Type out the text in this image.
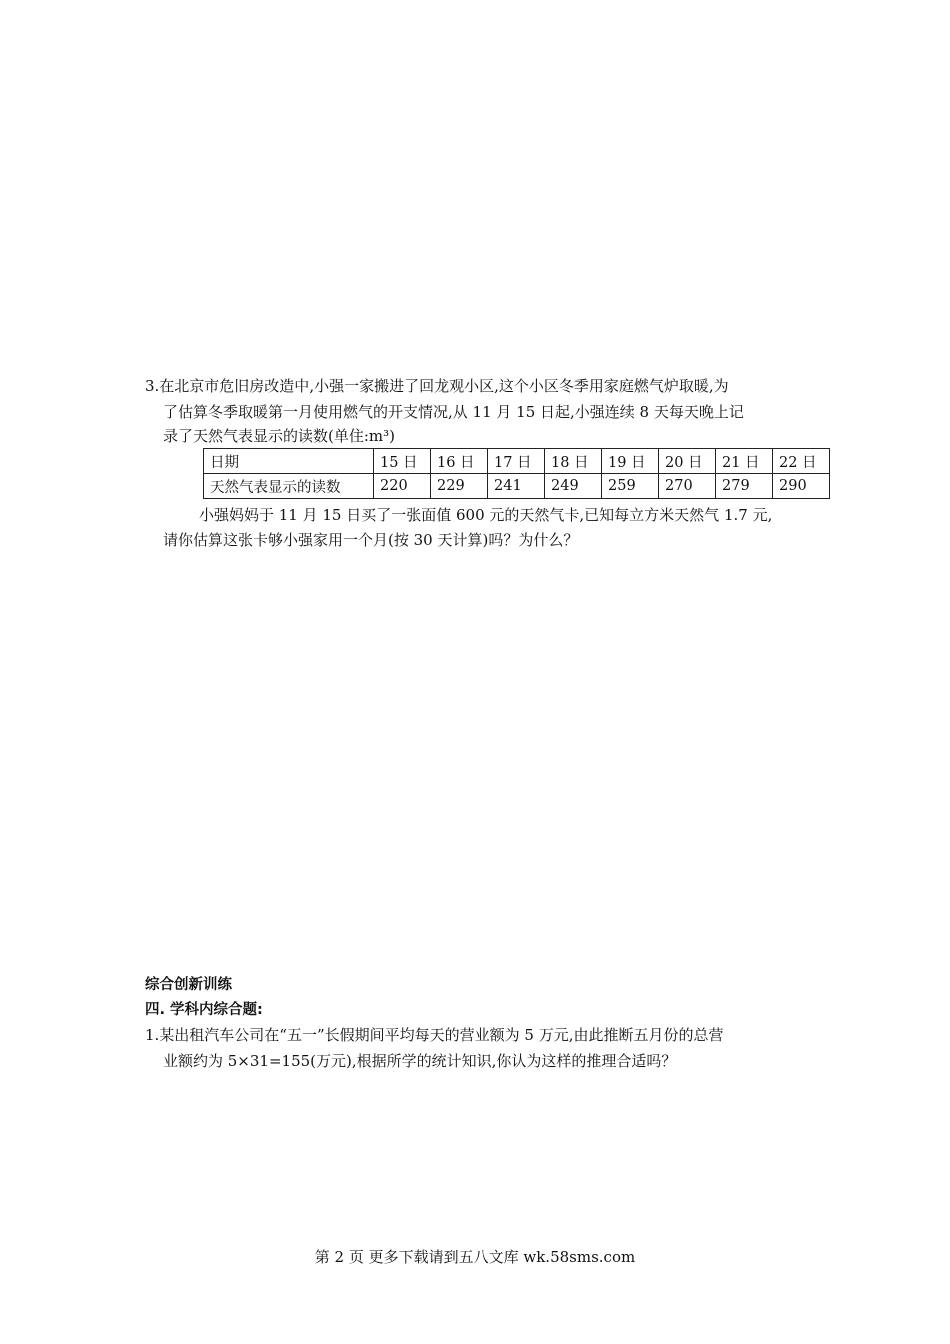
3.在北京市危旧房改造中,小强一家搬进了回龙观小区,这个小区冬季用家庭燃气炉取暖,为
了估算冬季取暖第一月使用燃气的开支情况,从 11 月 15 日起,小强连续 8 天每天晚上记
录了天然气表显示的读数(单住:m³)
日期	15 日	16 日	17 日	18 日	19 日	20 日	21 日	22 日
天然气表显示的读数	220	229	241	249	259	270	279	290
小强妈妈于 11 月 15 日买了一张面值 600 元的天然气卡,已知每立方米天然气 1.7 元,
请你估算这张卡够小强家用一个月(按 30 天计算)吗？为什么？
综合创新训练
四. 学科内综合题:
1.某出租汽车公司在“五一”长假期间平均每天的营业额为 5 万元,由此推断五月份的总营
业额约为 5×31=155(万元),根据所学的统计知识,你认为这样的推理合适吗？
第 2 页 更多下载请到五八文库 wk.58sms.com
